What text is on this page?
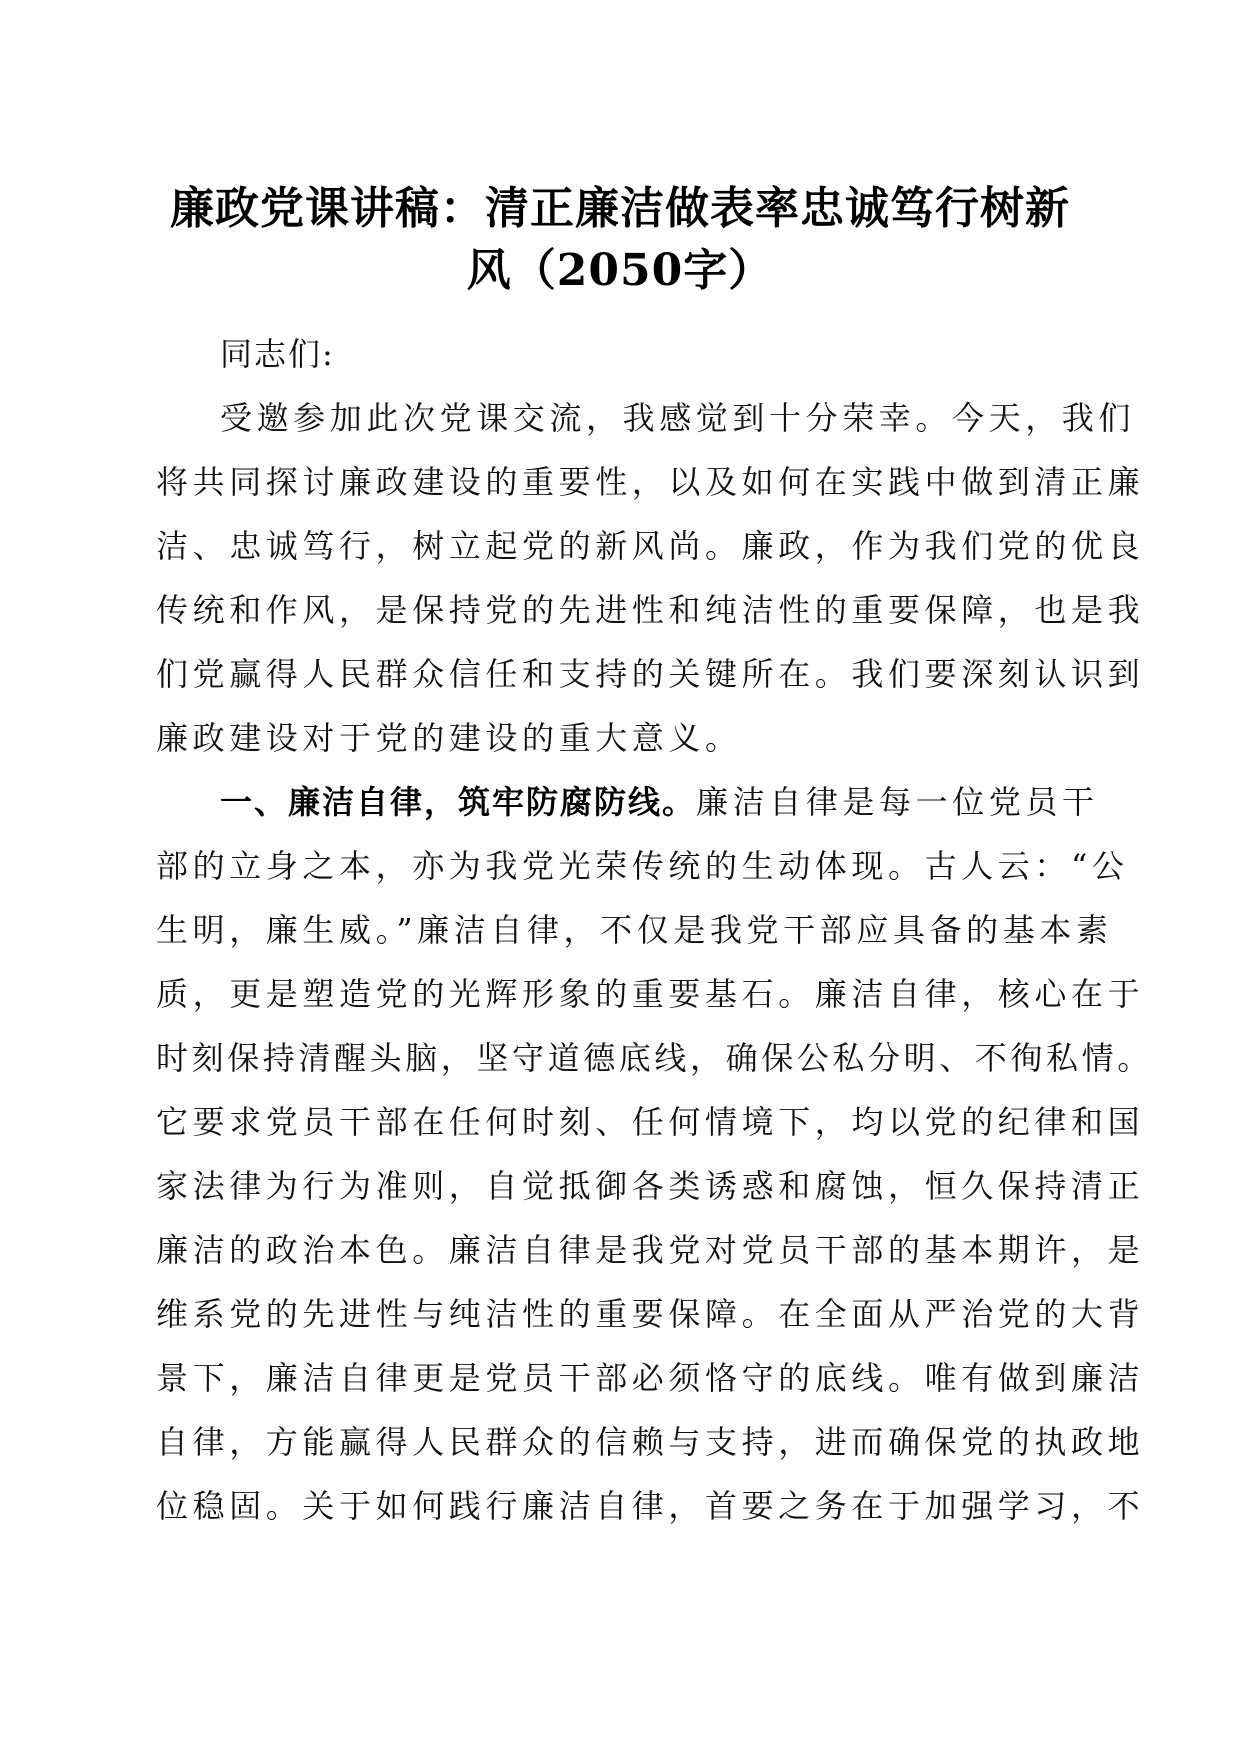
廉政党课讲稿：清正廉洁做表率忠诚笃行树新
风（2050字）
同志们:
受邀参加此次党课交流，我感觉到十分荣幸。今天，我们
将共同探讨廉政建设的重要性，以及如何在实践中做到清正廉
洁、忠诚笃行，树立起党的新风尚。廉政，作为我们党的优良
传统和作风，是保持党的先进性和纯洁性的重要保障，也是我
们党赢得人民群众信任和支持的关键所在。我们要深刻认识到
廉政建设对于党的建设的重大意义。
一、廉洁自律，筑牢防腐防线。廉洁自律是每一位党员干
部的立身之本，亦为我党光荣传统的生动体现。古人云：“公
生明，廉生威。”廉洁自律，不仅是我党干部应具备的基本素
质，更是塑造党的光辉形象的重要基石。廉洁自律，核心在于
时刻保持清醒头脑，坚守道德底线，确保公私分明、不徇私情。
它要求党员干部在任何时刻、任何情境下，均以党的纪律和国
家法律为行为准则，自觉抵御各类诱惑和腐蚀，恒久保持清正
廉洁的政治本色。廉洁自律是我党对党员干部的基本期许，是
维系党的先进性与纯洁性的重要保障。在全面从严治党的大背
景下，廉洁自律更是党员干部必须恪守的底线。唯有做到廉洁
自律，方能赢得人民群众的信赖与支持，进而确保党的执政地
位稳固。关于如何践行廉洁自律，首要之务在于加强学习，不
